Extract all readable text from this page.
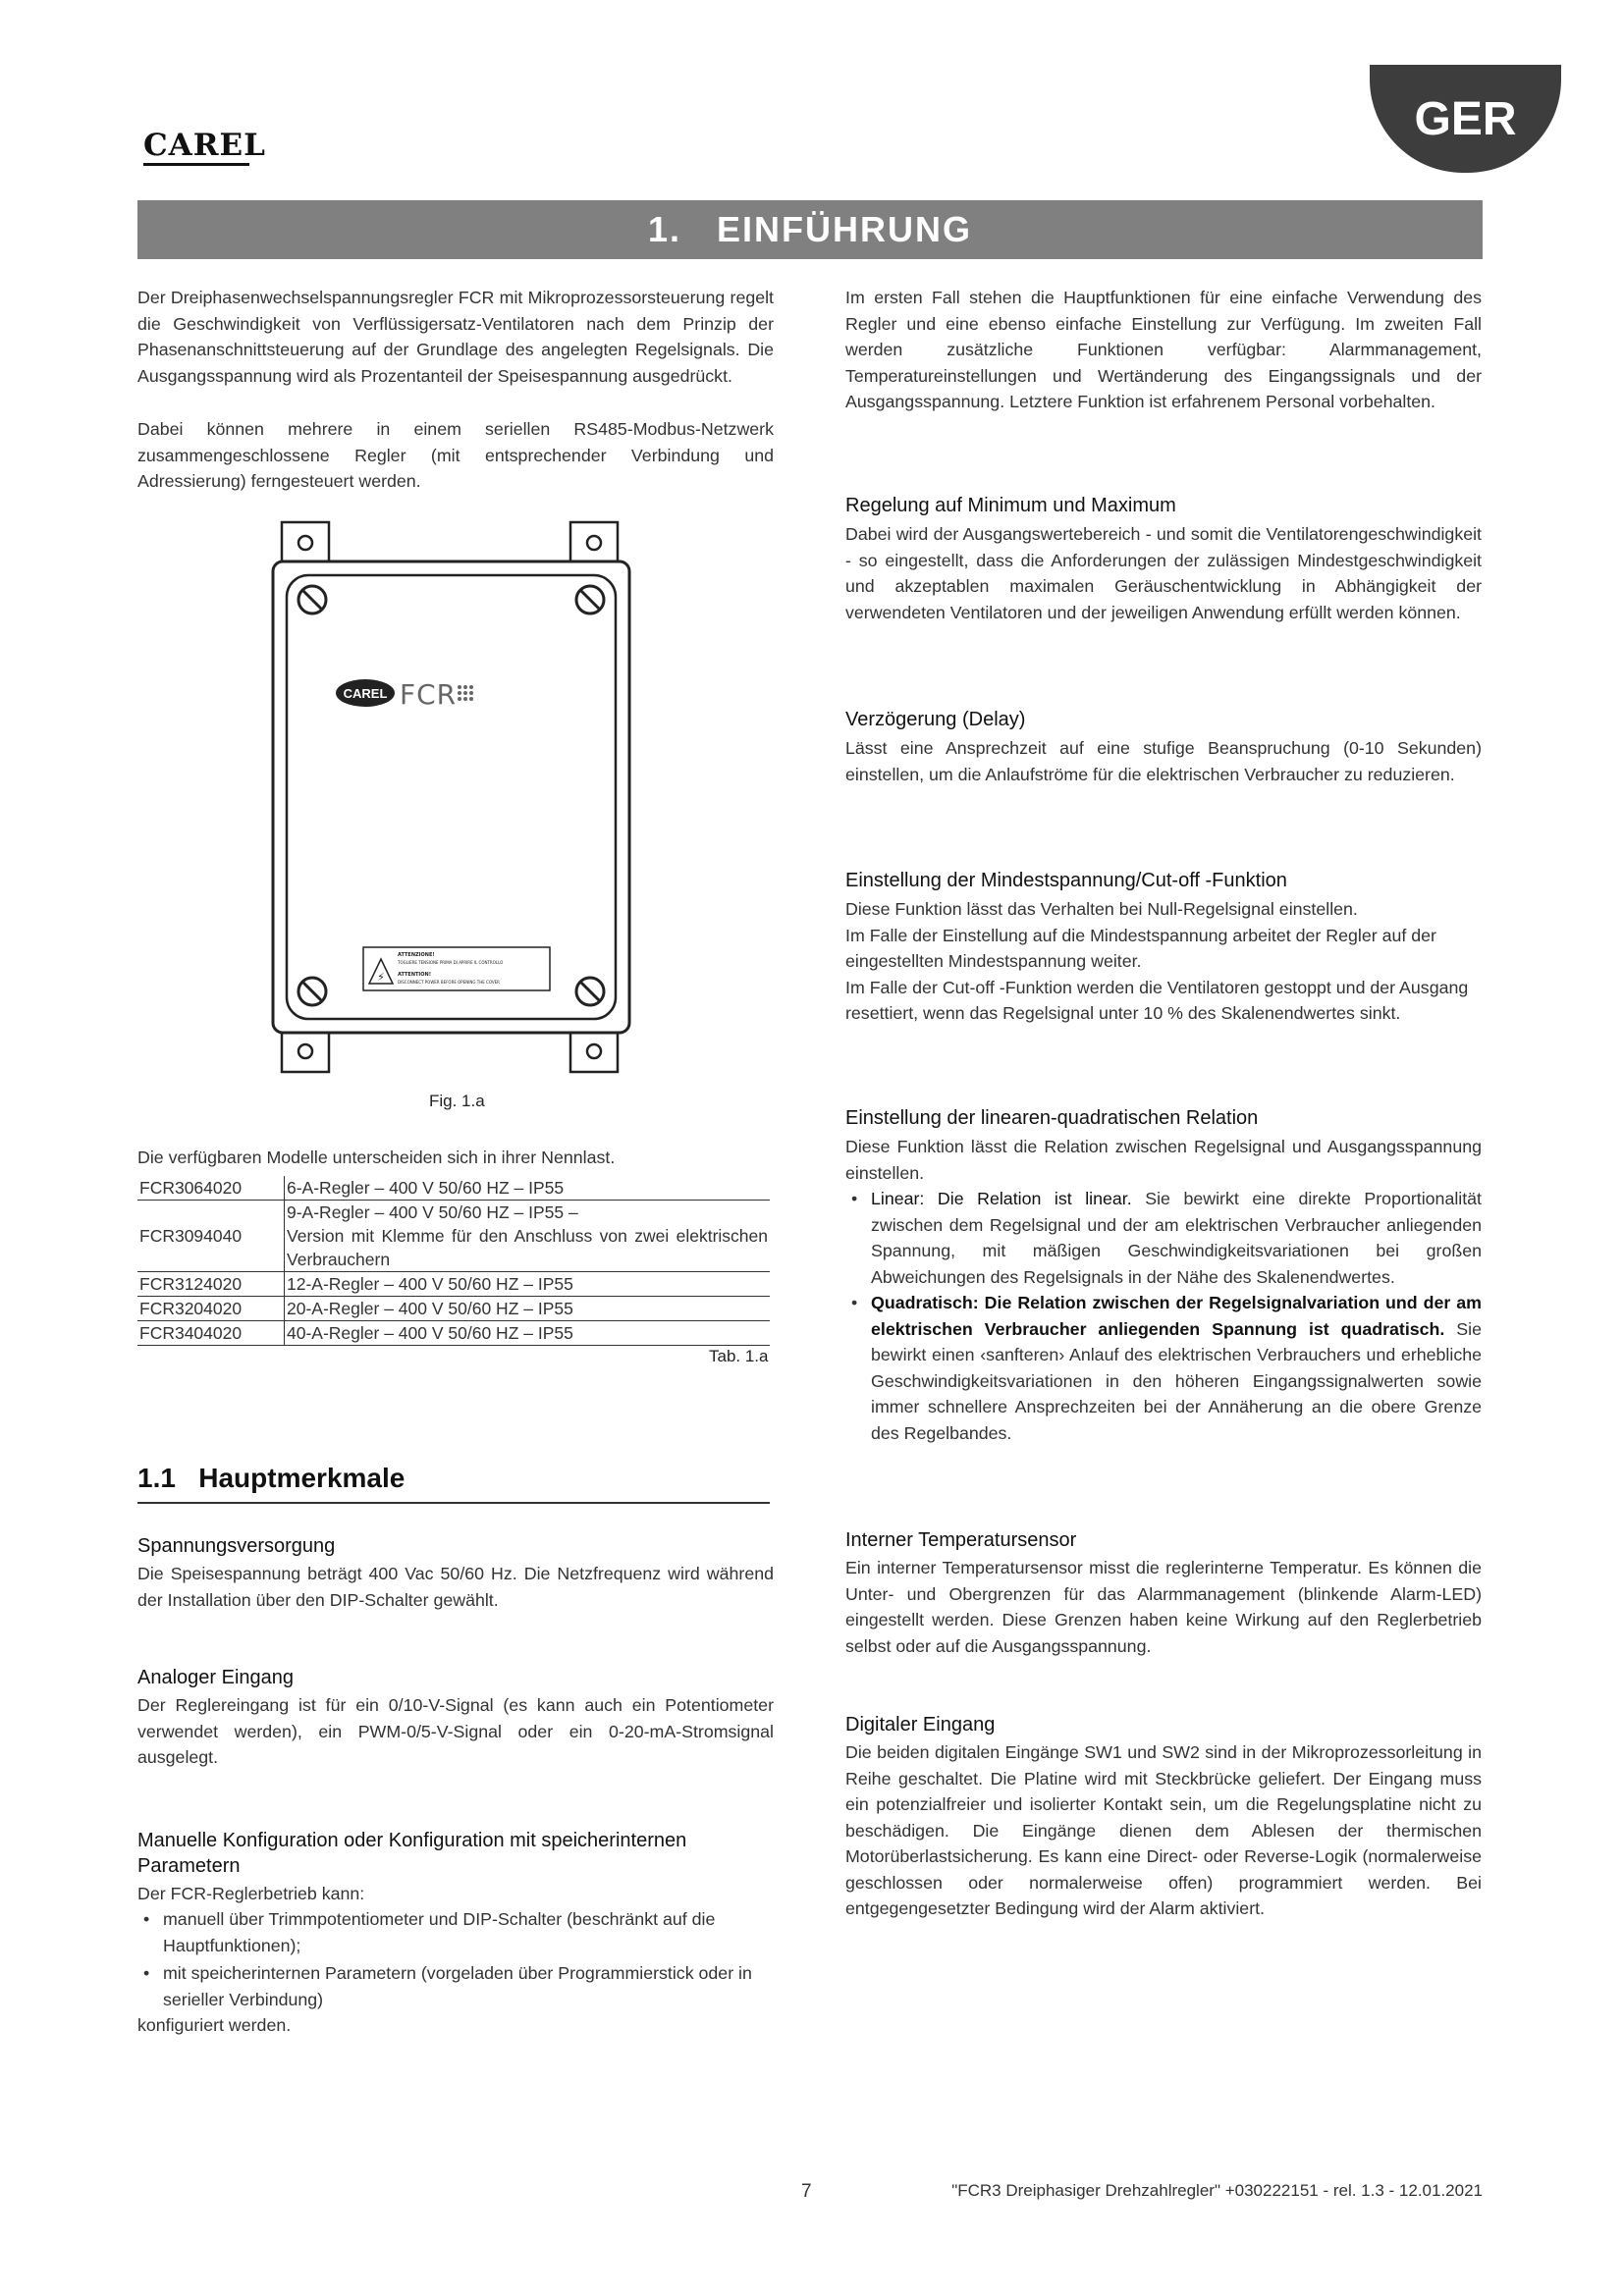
CAREL
GER
1.
EINFÜHRUNG
Der Dreiphasenwechselspannungsregler FCR mit Mikroprozessorsteuerung regelt die Geschwindigkeit von Verflüssigersatz-Ventilatoren nach dem Prinzip der Phasenanschnittsteuerung auf der Grundlage des angelegten Regelsignals. Die Ausgangsspannung wird als Prozentanteil der Speisespannung ausgedrückt.
Dabei können mehrere in einem seriellen RS485-Modbus-Netzwerk zusammengeschlossene Regler (mit entsprechender Verbindung und Adressierung) ferngesteuert werden.
CAREL FCR
⚡
ATTENZIONE!
TOGLIERE TENSIONE PRIMA DI APRIRE IL CONTROLLO
ATTENTION!
DISCONNECT POWER BEFORE OPENING THE COVER
Fig. 1.a
Die verfügbaren Modelle unterscheiden sich in ihrer Nennlast.
FCR3064020	6-A-Regler – 400 V 50/60 HZ – IP55
FCR3094040	9-A-Regler – 400 V 50/60 HZ – IP55 –
Version mit Klemme für den Anschluss von zwei elektrischen Verbrauchern

FCR3124020	12-A-Regler – 400 V 50/60 HZ – IP55
FCR3204020	20-A-Regler – 400 V 50/60 HZ – IP55
FCR3404020	40-A-Regler – 400 V 50/60 HZ – IP55
Tab. 1.a
1.1   Hauptmerkmale
Spannungsversorgung
Die Speisespannung beträgt 400 Vac 50/60 Hz. Die Netzfrequenz wird während der Installation über den DIP-Schalter gewählt.
Analoger Eingang
Der Reglereingang ist für ein 0/10-V-Signal (es kann auch ein Potentiometer verwendet werden), ein PWM-0/5-V-Signal oder ein 0-20-mA-Stromsignal ausgelegt.
Manuelle Konfiguration oder Konfiguration mit speicherinternen Parametern
Der FCR-Reglerbetrieb kann:
• manuell über Trimmpotentiometer und DIP-Schalter (beschränkt auf die Hauptfunktionen);
• mit speicherinternen Parametern (vorgeladen über Programmierstick oder in serieller Verbindung)
konfiguriert werden.
Im ersten Fall stehen die Hauptfunktionen für eine einfache Verwendung des Regler und eine ebenso einfache Einstellung zur Verfügung. Im zweiten Fall werden zusätzliche Funktionen verfügbar: Alarmmanagement, Temperatureinstellungen und Wertänderung des Eingangssignals und der Ausgangsspannung. Letztere Funktion ist erfahrenem Personal vorbehalten.
Regelung auf Minimum und Maximum
Dabei wird der Ausgangswertebereich - und somit die Ventilatorengeschwindigkeit - so eingestellt, dass die Anforderungen der zulässigen Mindestgeschwindigkeit und akzeptablen maximalen Geräuschentwicklung in Abhängigkeit der verwendeten Ventilatoren und der jeweiligen Anwendung erfüllt werden können.
Verzögerung (Delay)
Lässt eine Ansprechzeit auf eine stufige Beanspruchung (0-10 Sekunden) einstellen, um die Anlaufströme für die elektrischen Verbraucher zu reduzieren.
Einstellung der Mindestspannung/Cut-off -Funktion
Diese Funktion lässt das Verhalten bei Null-Regelsignal einstellen.
Im Falle der Einstellung auf die Mindestspannung arbeitet der Regler auf der eingestellten Mindestspannung weiter.
Im Falle der Cut-off -Funktion werden die Ventilatoren gestoppt und der Ausgang resettiert, wenn das Regelsignal unter 10 % des Skalenendwertes sinkt.
Einstellung der linearen-quadratischen Relation
Diese Funktion lässt die Relation zwischen Regelsignal und Ausgangsspannung einstellen.
• Linear: Die Relation ist linear. Sie bewirkt eine direkte Proportionalität zwischen dem Regelsignal und der am elektrischen Verbraucher anliegenden Spannung, mit mäßigen Geschwindigkeitsvariationen bei großen Abweichungen des Regelsignals in der Nähe des Skalenendwertes.
• Quadratisch: Die Relation zwischen der Regelsignalvariation und der am elektrischen Verbraucher anliegenden Spannung ist quadratisch. Sie bewirkt einen ‹sanfteren› Anlauf des elektrischen Verbrauchers und erhebliche Geschwindigkeitsvariationen in den höheren Eingangssignalwerten sowie immer schnellere Ansprechzeiten bei der Annäherung an die obere Grenze des Regelbandes.
Interner Temperatursensor
Ein interner Temperatursensor misst die reglerinterne Temperatur. Es können die Unter- und Obergrenzen für das Alarmmanagement (blinkende Alarm-LED) eingestellt werden. Diese Grenzen haben keine Wirkung auf den Reglerbetrieb selbst oder auf die Ausgangsspannung.
Digitaler Eingang
Die beiden digitalen Eingänge SW1 und SW2 sind in der Mikroprozessorleitung in Reihe geschaltet. Die Platine wird mit Steckbrücke geliefert. Der Eingang muss ein potenzialfreier und isolierter Kontakt sein, um die Regelungsplatine nicht zu beschädigen. Die Eingänge dienen dem Ablesen der thermischen Motorüberlastsicherung. Es kann eine Direct- oder Reverse-Logik (normalerweise geschlossen oder normalerweise offen) programmiert werden. Bei entgegengesetzter Bedingung wird der Alarm aktiviert.
7	"FCR3 Dreiphasiger Drehzahlregler" +030222151 - rel. 1.3 - 12.01.2021
